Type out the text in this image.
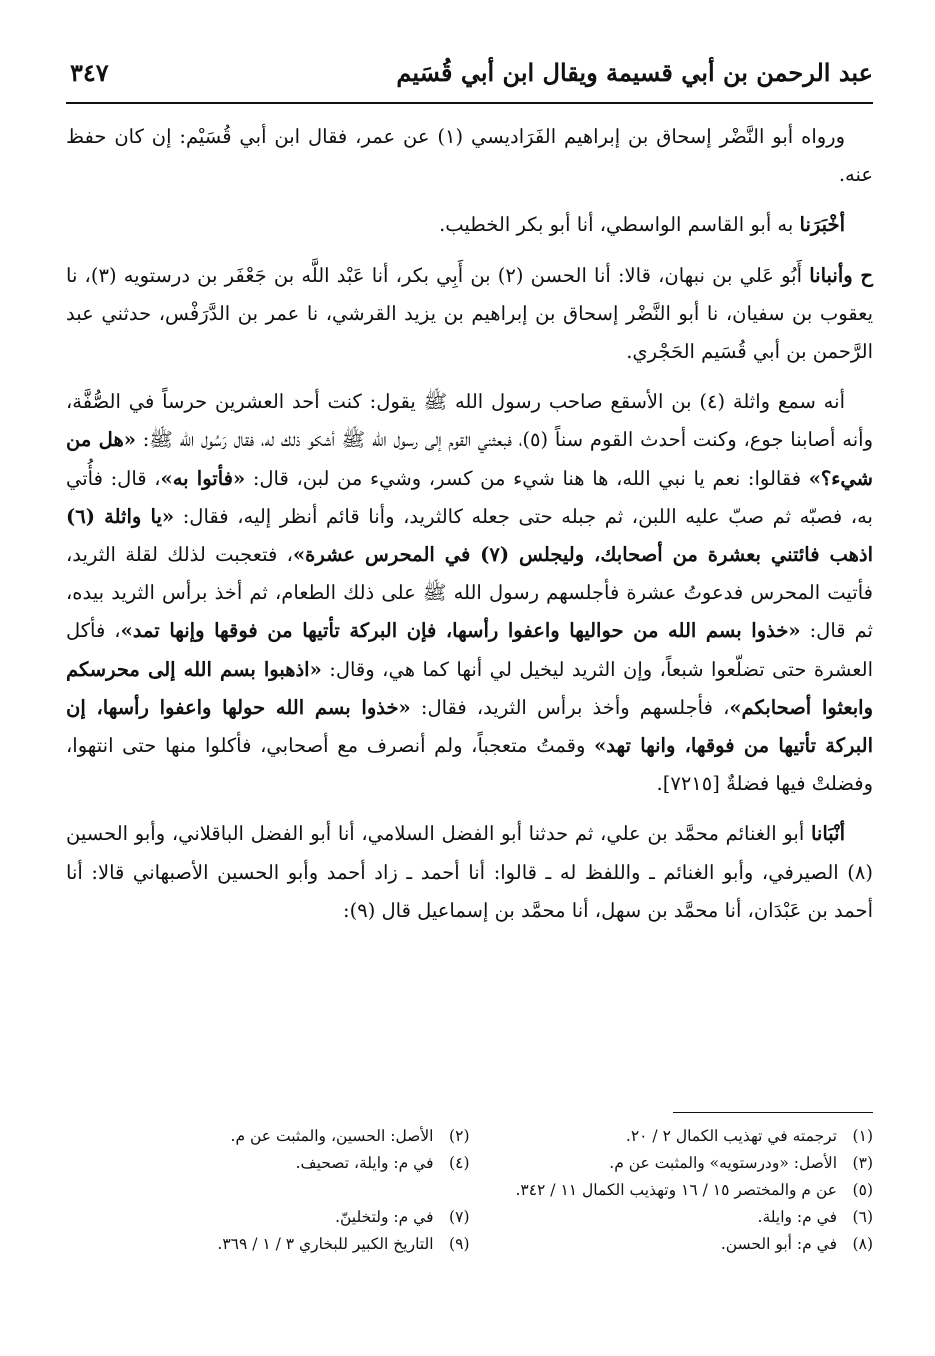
عبد الرحمن بن أبي قسيمة ويقال ابن أبي قُسَيم
٣٤٧

ورواه أبو النَّضْر إسحاق بن إبراهيم الفَرَاديسي (١) عن عمر، فقال ابن أبي قُسَيْم: إن كان حفظ عنه.

أخْبَرَنا به أبو القاسم الواسطي، أنا أبو بكر الخطيب.

ح وأنبانا أَبُو عَلي بن نبهان، قالا: أنا الحسن (٢) بن أَبِي بكر، أنا عَبْد اللَّه بن جَعْفَر بن درستويه (٣)، نا يعقوب بن سفيان، نا أبو النَّضْر إسحاق بن إبراهيم بن يزيد القرشي، نا عمر بن الدَّرَفْس، حدثني عبد الرَّحمن بن أبي قُسَيم الحَجْري.

أنه سمع واثلة (٤) بن الأسقع صاحب رسول الله ﷺ يقول: كنت أحد العشرين حرساً في الصُّفَّة، وأنه أصابنا جوع، وكنت أحدث القوم سناً (٥)، فبعثني القوم إلى رسول الله ﷺ أشكو ذلك له، فقال رَسُول الله ﷺ: «هل من شيء؟» فقالوا: نعم يا نبي الله، ها هنا شيء من كسر، وشيء من لبن، قال: «فأتوا به»، قال: فأُتي به، فصبّه ثم صبّ عليه اللبن، ثم جبله حتى جعله كالثريد، وأنا قائم أنظر إليه، فقال: «يا واثلة (٦) اذهب فائتني بعشرة من أصحابك، وليجلس (٧) في المحرس عشرة»، فتعجبت لذلك لقلة الثريد، فأتيت المحرس فدعوتُ عشرة فأجلسهم رسول الله ﷺ على ذلك الطعام، ثم أخذ برأس الثريد بيده، ثم قال: «خذوا بسم الله من حواليها واعفوا رأسها، فإن البركة تأتيها من فوقها وإنها تمد»، فأكل العشرة حتى تضلّعوا شبعاً، وإن الثريد ليخيل لي أنها كما هي، وقال: «اذهبوا بسم الله إلى محرسكم وابعثوا أصحابكم»، فأجلسهم وأخذ برأس الثريد، فقال: «خذوا بسم الله حولها واعفوا رأسها، إن البركة تأتيها من فوقها، وانها تهد» وقمتُ متعجباً، ولم أنصرف مع أصحابي، فأكلوا منها حتى انتهوا، وفضلتْ فيها فضلةٌ [٧٢١٥].

أنْبَانا أبو الغنائم محمَّد بن علي، ثم حدثنا أبو الفضل السلامي، أنا أبو الفضل الباقلاني، وأبو الحسين (٨) الصيرفي، وأبو الغنائم ـ واللفظ له ـ قالوا: أنا أحمد ـ زاد أحمد وأبو الحسين الأصبهاني قالا: أنا أحمد بن عَبْدَان، أنا محمَّد بن سهل، أنا محمَّد بن إسماعيل قال (٩):

(١)
ترجمته في تهذيب الكمال ٢ / ٢٠.
(٢)
الأصل: الحسين، والمثبت عن م.
(٣)
الأصل: «ودرستويه» والمثبت عن م.
(٤)
في م: وايلة، تصحيف.
(٥)
عن م والمختصر ١٥ / ١٦ وتهذيب الكمال ١١ / ٣٤٢.
(٦)
في م: وايلة.
(٧)
في م: ولتخلينّ.
(٨)
في م: أبو الحسن.
(٩)
التاريخ الكبير للبخاري ٣ / ١ / ٣٦٩.
